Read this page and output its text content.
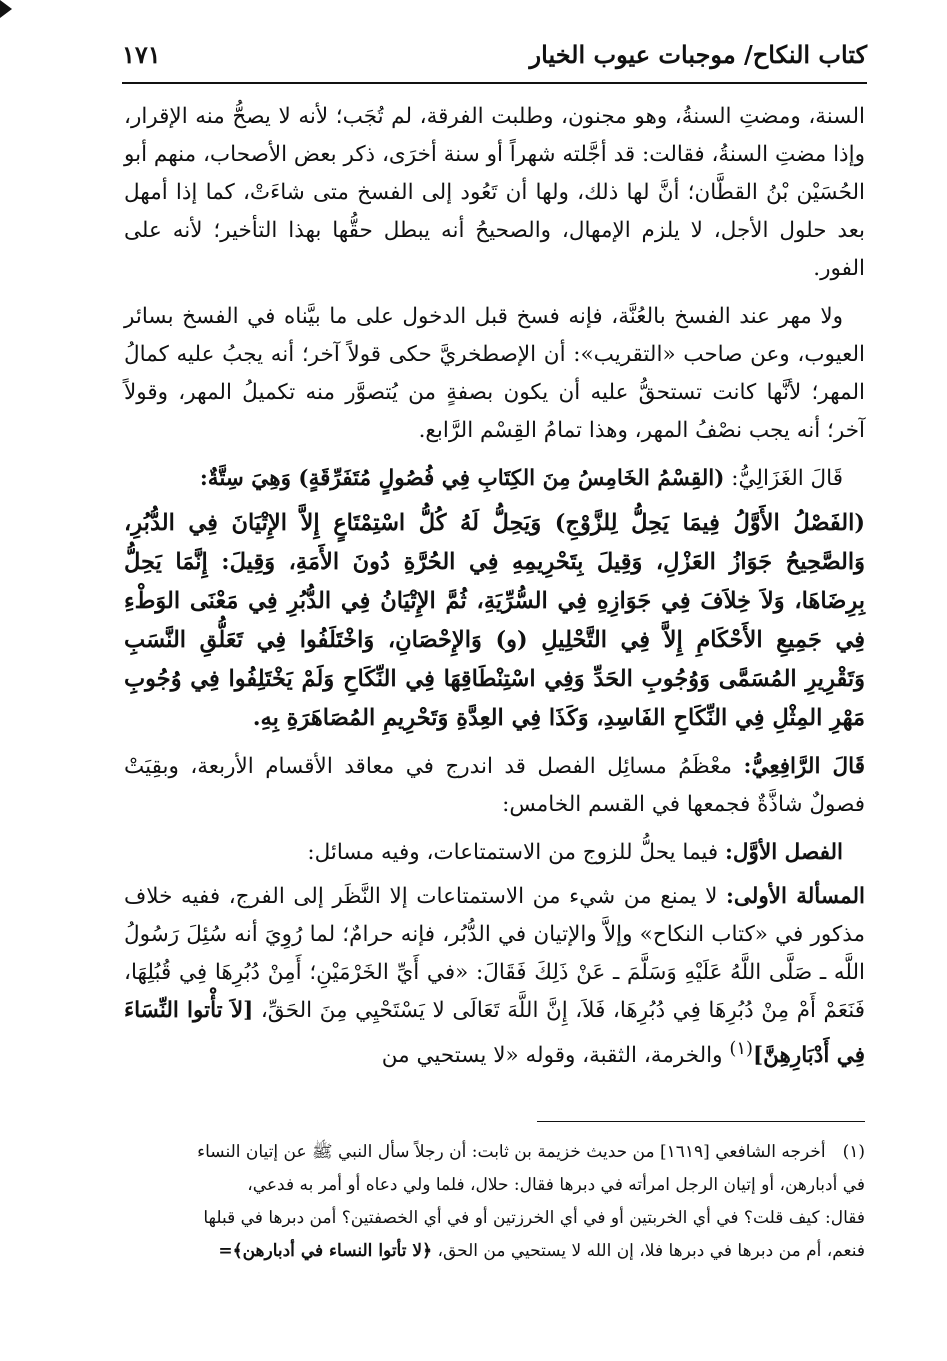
كتاب النكاح/ موجبات عيوب الخيار
١٧١

السنة، ومضتِ السنةُ، وهو مجنون، وطلبت الفرقة، لم تُجَب؛ لأنه لا يصحُّ منه الإقرار، وإذا مضتِ السنةُ، فقالت: قد أجَّلته شهراً أو سنة أخرَى، ذكر بعض الأصحاب، منهم أبو الحُسَيْن بْنُ القطَّان؛ أنَّ لها ذلك، ولها أن تَعُود إلى الفسخ متى شاءَتْ، كما إذا أمهل بعد حلول الأجل، لا يلزم الإمهال، والصحيحُ أنه يبطل حقُّها بهذا التأخير؛ لأنه على الفور.

ولا مهر عند الفسخ بالعُنَّة، فإنه فسخ قبل الدخول على ما بيَّناه في الفسخ بسائر العيوب، وعن صاحب «التقريب»: أن الإصطخريَّ حكى قولاً آخر؛ أنه يجبُ عليه كمالُ المهر؛ لأنَّها كانت تستحقُّ عليه أن يكون بصفةٍ من يُتصوَّر منه تكميلُ المهر، وقولاً آخر؛ أنه يجب نصْفُ المهر، وهذا تمامُ القِسْم الرَّابع.

قَالَ الغَزَالِيُّ: (القِسْمُ الخَامِسُ مِنَ الكِتَابِ فِي فُصُولٍ مُتَفَرِّقَةٍ) وَهِيَ سِتَّةٌ:

(الفَصْلُ الأَوَّلُ فِيمَا يَحِلُّ لِلزَّوْجِ) وَيَحِلُّ لَهُ كُلُّ اسْتِمْتَاعٍ إِلاَّ الإِتْيَانَ فِي الدُّبُرِ، وَالصَّحِيحُ جَوَازُ العَزْلِ، وَقِيلَ بِتَحْرِيمِهِ فِي الحُرَّةِ دُونَ الأَمَةِ، وَقِيلَ: إِنَّمَا يَحِلُّ بِرِضَاهَا، وَلاَ خِلاَفَ فِي جَوَازِهِ فِي السُّرِّيَةِ، ثُمَّ الإِتْيَانُ فِي الدُّبُرِ فِي مَعْنَى الوَطْءِ فِي جَمِيعِ الأَحْكَامِ إِلاَّ فِي التَّحْلِيلِ (و) وَالإِحْصَانِ، وَاخْتَلَفُوا فِي تَعَلُّقِ النَّسَبِ وَتَقْرِيرِ المُسَمَّى وَوُجُوبِ الحَدِّ وَفِي اسْتِنْطَاقِهَا فِي النِّكَاحِ وَلَمْ يَخْتَلِفُوا فِي وُجُوبِ مَهْرِ المِثْلِ فِي النِّكَاحِ الفَاسِدِ، وَكَذَا فِي العِدَّةِ وَتَحْرِيمِ المُصَاهَرَةِ بِهِ.

قَالَ الرَّافِعِيُّ: معْظَمُ مسائِل الفصل قد اندرج في معاقد الأقسام الأربعة، وبقِيَتْ فصولٌ شاذَّةٌ فجمعها في القسم الخامس:

الفصل الأوَّل: فيما يحلُّ للزوج من الاستمتاعات، وفيه مسائل:

المسألة الأولى: لا يمنع من شيء من الاستمتاعات إلا النَّظَر إلى الفرج، ففيه خلاف مذكور في «كتاب النكاح» وإلاَّ والإتيان في الدُّبُر، فإنه حرامٌ؛ لما رُوِيَ أنه سُئِلَ رَسُولُ اللَّه ـ صَلَّى اللَّهُ عَلَيْهِ وَسَلَّمَ ـ عَنْ ذَلِكَ فَقَالَ: «في أَيِّ الخَرْمَيْنِ؛ أَمِنْ دُبُرِهَا فِي قُبُلِهَا، فَنَعَمْ أَمْ مِنْ دُبُرِهَا فِي دُبُرِهَا، فَلاَ، إِنَّ اللَّهَ تَعَالَى لا يَسْتَحْيِي مِنَ الحَقِّ، [لاَ تأْتوا النِّسَاءَ فِي أَدْبَارِهِنَّ]$^{(١)}$ والخرمة، الثقبة، وقوله «لا يستحيي من

(١) أخرجه الشافعي [١٦١٩] من حديث خزيمة بن ثابت: أن رجلاً سأل النبي ﷺ عن إتيان النساء

في أدبارهن، أو إتيان الرجل امرأته في دبرها فقال: حلال، فلما ولي دعاه أو أمر به فدعي،

فقال: كيف قلت؟ في أي الخربتين أو في أي الخرزتين أو في أي الخصفتين؟ أمن دبرها في قبلها

فنعم، أم من دبرها في دبرها فلا، إن الله لا يستحيي من الحق، ﴿لا تأتوا النساء في أدبارهن﴾=
